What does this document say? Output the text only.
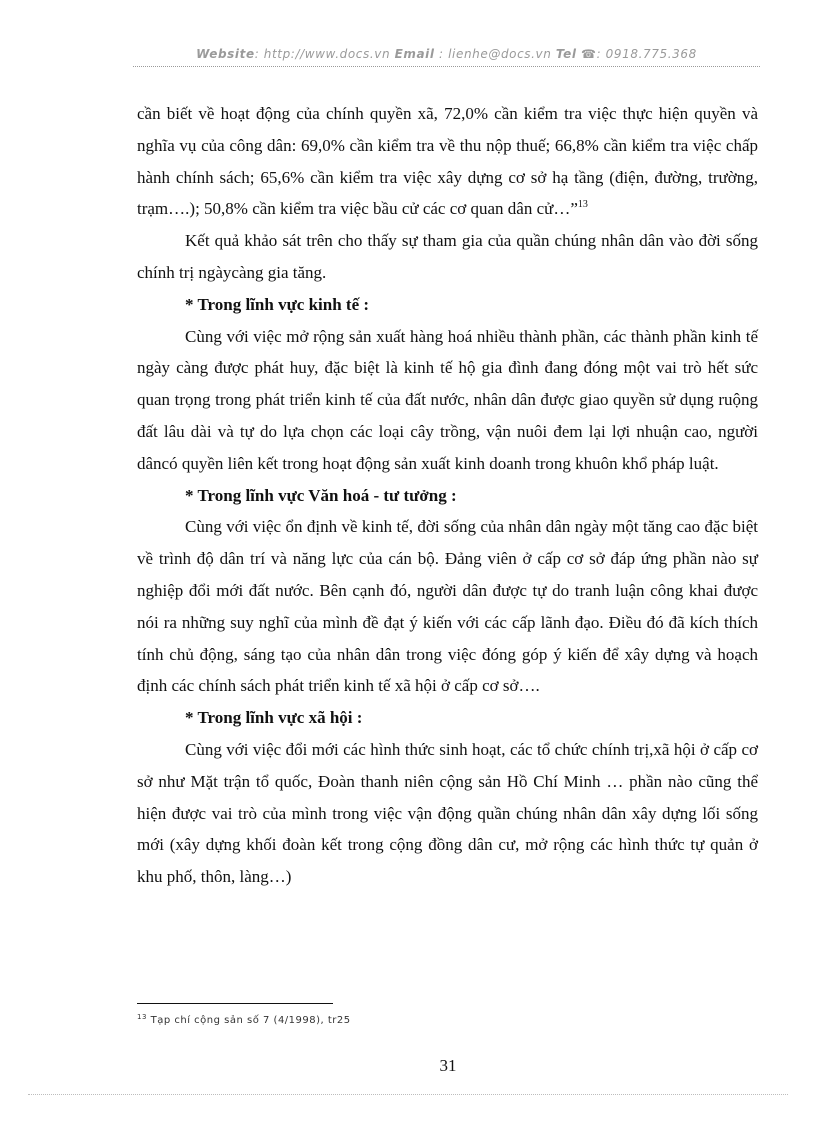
Website: http://www.docs.vn Email : lienhe@docs.vn Tel ☎: 0918.775.368

cần biết về hoạt động của chính quyền xã, 72,0% cần kiểm tra việc thực hiện quyền và nghĩa vụ của công dân: 69,0% cần kiểm tra về thu nộp thuế; 66,8% cần kiểm tra việc chấp hành chính sách; 65,6% cần kiểm tra việc xây dựng cơ sở hạ tầng (điện, đường, trường, trạm….); 50,8% cần kiểm tra việc bầu cử các cơ quan dân cử…”$^{13}$

Kết quả khảo sát trên cho thấy sự tham gia của quần chúng nhân dân vào đời sống chính trị ngàycàng gia tăng.

* Trong lĩnh vực kinh tế :

Cùng với việc mở rộng sản xuất hàng hoá nhiều thành phần, các thành phần kinh tế ngày càng được phát huy, đặc biệt là kinh tế hộ gia đình đang đóng một vai trò hết sức quan trọng trong phát triển kinh tế của đất nước, nhân dân được giao quyền sử dụng ruộng đất lâu dài và tự do lựa chọn các loại cây trồng, vận nuôi đem lại lợi nhuận cao, người dâncó quyền liên kết trong hoạt động sản xuất kinh doanh trong khuôn khổ pháp luật.

* Trong lĩnh vực Văn hoá - tư tưởng :

Cùng với việc ổn định về kinh tế, đời sống của nhân dân ngày một tăng cao đặc biệt về trình độ dân trí và năng lực của cán bộ. Đảng viên ở cấp cơ sở đáp ứng phần nào sự nghiệp đổi mới đất nước. Bên cạnh đó, người dân được tự do tranh luận công khai được nói ra những suy nghĩ của mình đề đạt ý kiến với các cấp lãnh đạo. Điều đó đã kích thích tính chủ động, sáng tạo của nhân dân trong việc đóng góp ý kiến để xây dựng và hoạch định các chính sách phát triển kinh tế xã hội ở cấp cơ sở….

* Trong lĩnh vực xã hội :

Cùng với việc đổi mới các hình thức sinh hoạt, các tổ chức chính trị,xã hội ở cấp cơ sở như Mặt trận tổ quốc, Đoàn thanh niên cộng sản Hồ Chí Minh … phần nào cũng thể hiện được vai trò của mình trong việc vận động quần chúng nhân dân xây dựng lối sống mới (xây dựng khối đoàn kết trong cộng đồng dân cư, mở rộng các hình thức tự quản ở khu phố, thôn, làng…)

$^{13}$ Tạp chí cộng sản số 7 (4/1998), tr25
31
